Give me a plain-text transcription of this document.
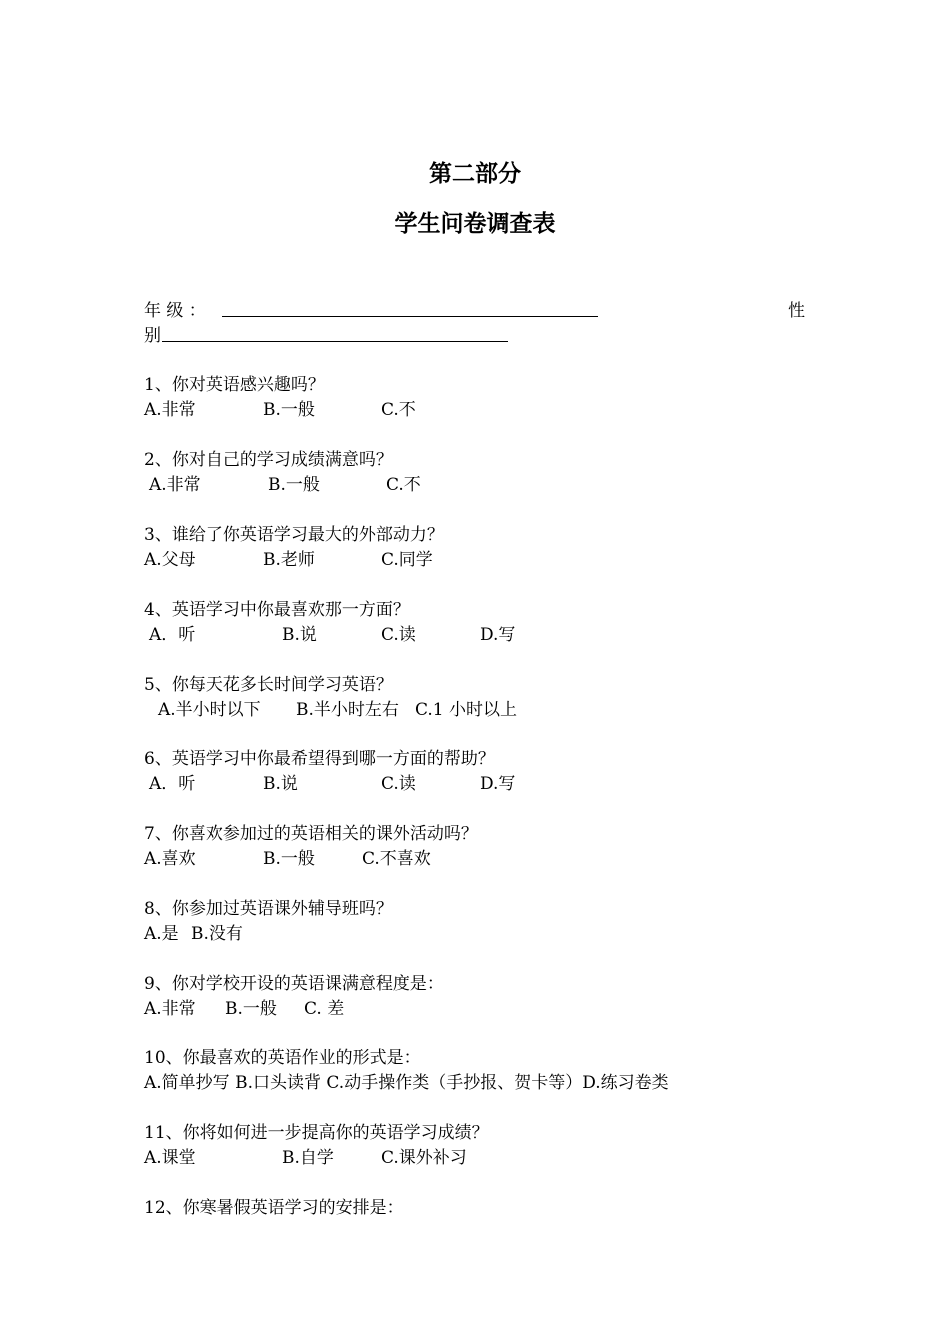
第二部分
学生问卷调查表
年 级 ：	性
别
1、你对英语感兴趣吗？
A.非常	B.一般	C.不
2、你对自己的学习成绩满意吗？
A.非常	B.一般	C.不
3、谁给了你英语学习最大的外部动力？
A.父母	B.老师	C.同学
4、英语学习中你最喜欢那一方面？
A．听	B.说	C.读	D.写
5、你每天花多长时间学习英语？
A.半小时以下 B.半小时左右 C.1 小时以上
6、英语学习中你最希望得到哪一方面的帮助？
A．听	B.说	C.读	D.写
7、你喜欢参加过的英语相关的课外活动吗？
A.喜欢	B.一般	C.不喜欢
8、你参加过英语课外辅导班吗？
A.是 B.没有
9、你对学校开设的英语课满意程度是：
A.非常 B.一般 C. 差
10、你最喜欢的英语作业的形式是：
A.简单抄写 B.口头读背 C.动手操作类（手抄报、贺卡等）D.练习卷类
11、你将如何进一步提高你的英语学习成绩？
A.课堂	B.自学	C.课外补习
12、你寒暑假英语学习的安排是：
